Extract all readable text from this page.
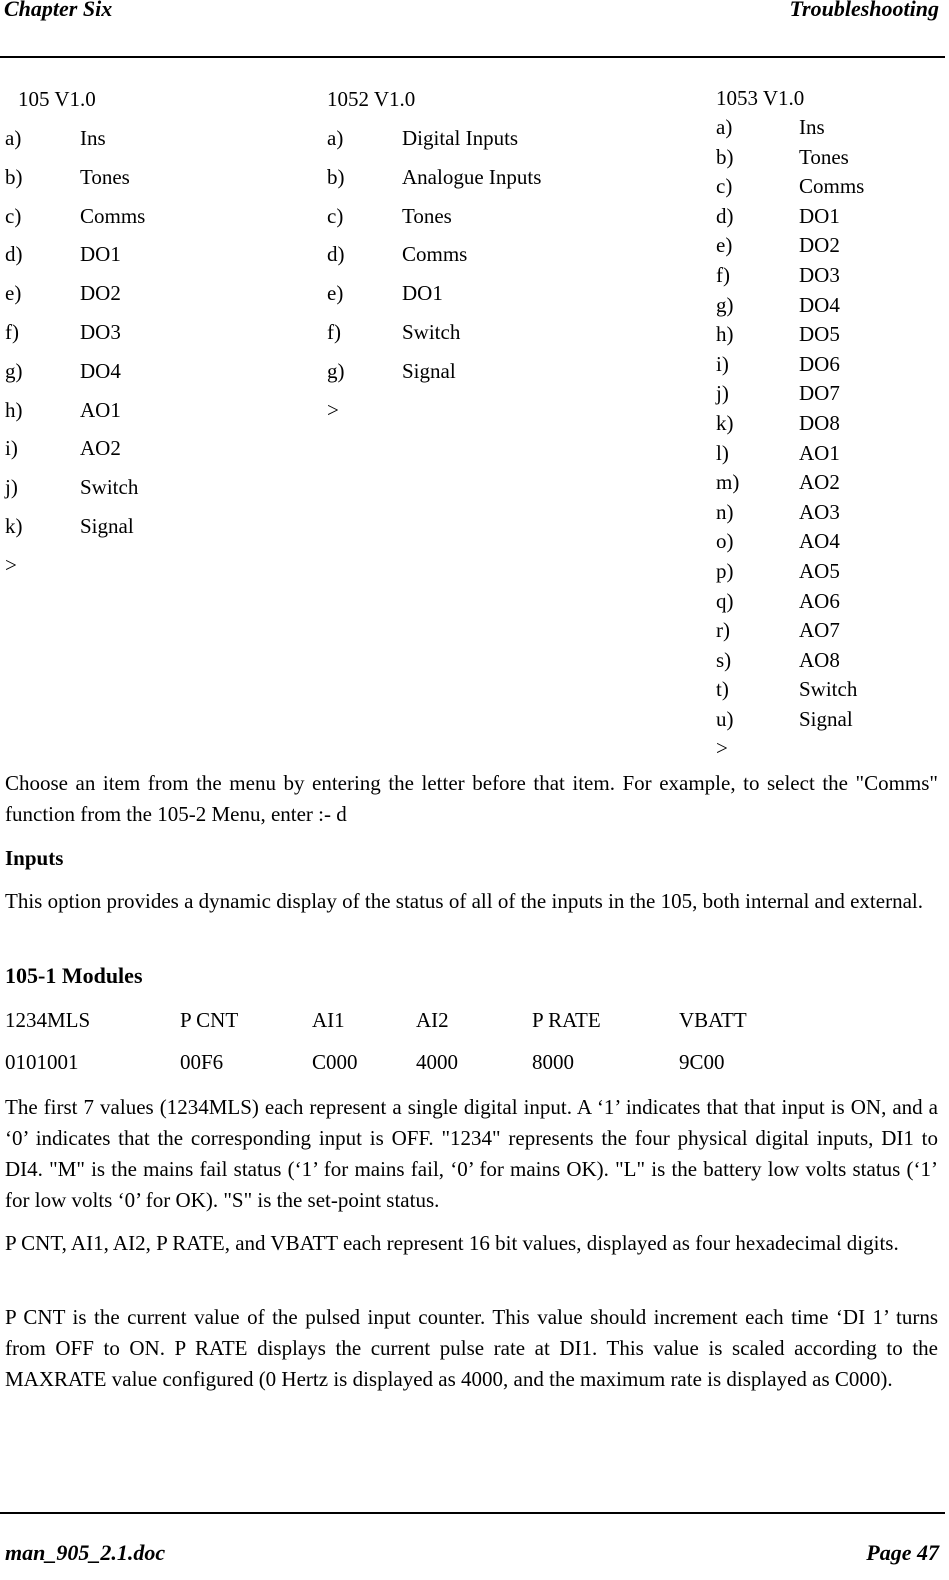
Chapter Six	Troubleshooting
105 V1.0
a)	Ins
b)	Tones
c)	Comms
d)	DO1
e)	DO2
f)	DO3
g)	DO4
h)	AO1
i)	AO2
j)	Switch
k)	Signal
>
1052 V1.0
a)	Digital Inputs
b)	Analogue Inputs
c)	Tones
d)	Comms
e)	DO1
f)	Switch
g)	Signal
>
1053 V1.0
a)	Ins
b)	Tones
c)	Comms
d)	DO1
e)	DO2
f)	DO3
g)	DO4
h)	DO5
i)	DO6
j)	DO7
k)	DO8
l)	AO1
m)	AO2
n)	AO3
o)	AO4
p)	AO5
q)	AO6
r)	AO7
s)	AO8
t)	Switch
u)	Signal
>
Choose an item from the menu by entering the letter before that item. For example, to select the "Comms" function from the 105-2 Menu, enter :- d
Inputs
This option provides a dynamic display of the status of all of the inputs in the 105, both internal and external.
105-1 Modules
1234MLS	P CNT	AI1	AI2	P RATE	VBATT
0101001	00F6	C000	4000	8000	9C00
The first 7 values (1234MLS) each represent a single digital input. A ‘1’ indicates that that input is ON, and a ‘0’ indicates that the corresponding input is OFF. "1234" represents the four physical digital inputs, DI1 to DI4. "M" is the mains fail status (‘1’ for mains fail, ‘0’ for mains OK). "L" is the battery low volts status (‘1’ for low volts ‘0’ for OK). "S" is the set-point status.
P CNT, AI1, AI2, P RATE, and VBATT each represent 16 bit values, displayed as four hexadecimal digits.
P CNT is the current value of the pulsed input counter. This value should increment each time ‘DI 1’ turns from OFF to ON. P RATE displays the current pulse rate at DI1. This value is scaled according to the MAXRATE value configured (0 Hertz is displayed as 4000, and the maximum rate is displayed as C000).
man_905_2.1.doc	Page 47
